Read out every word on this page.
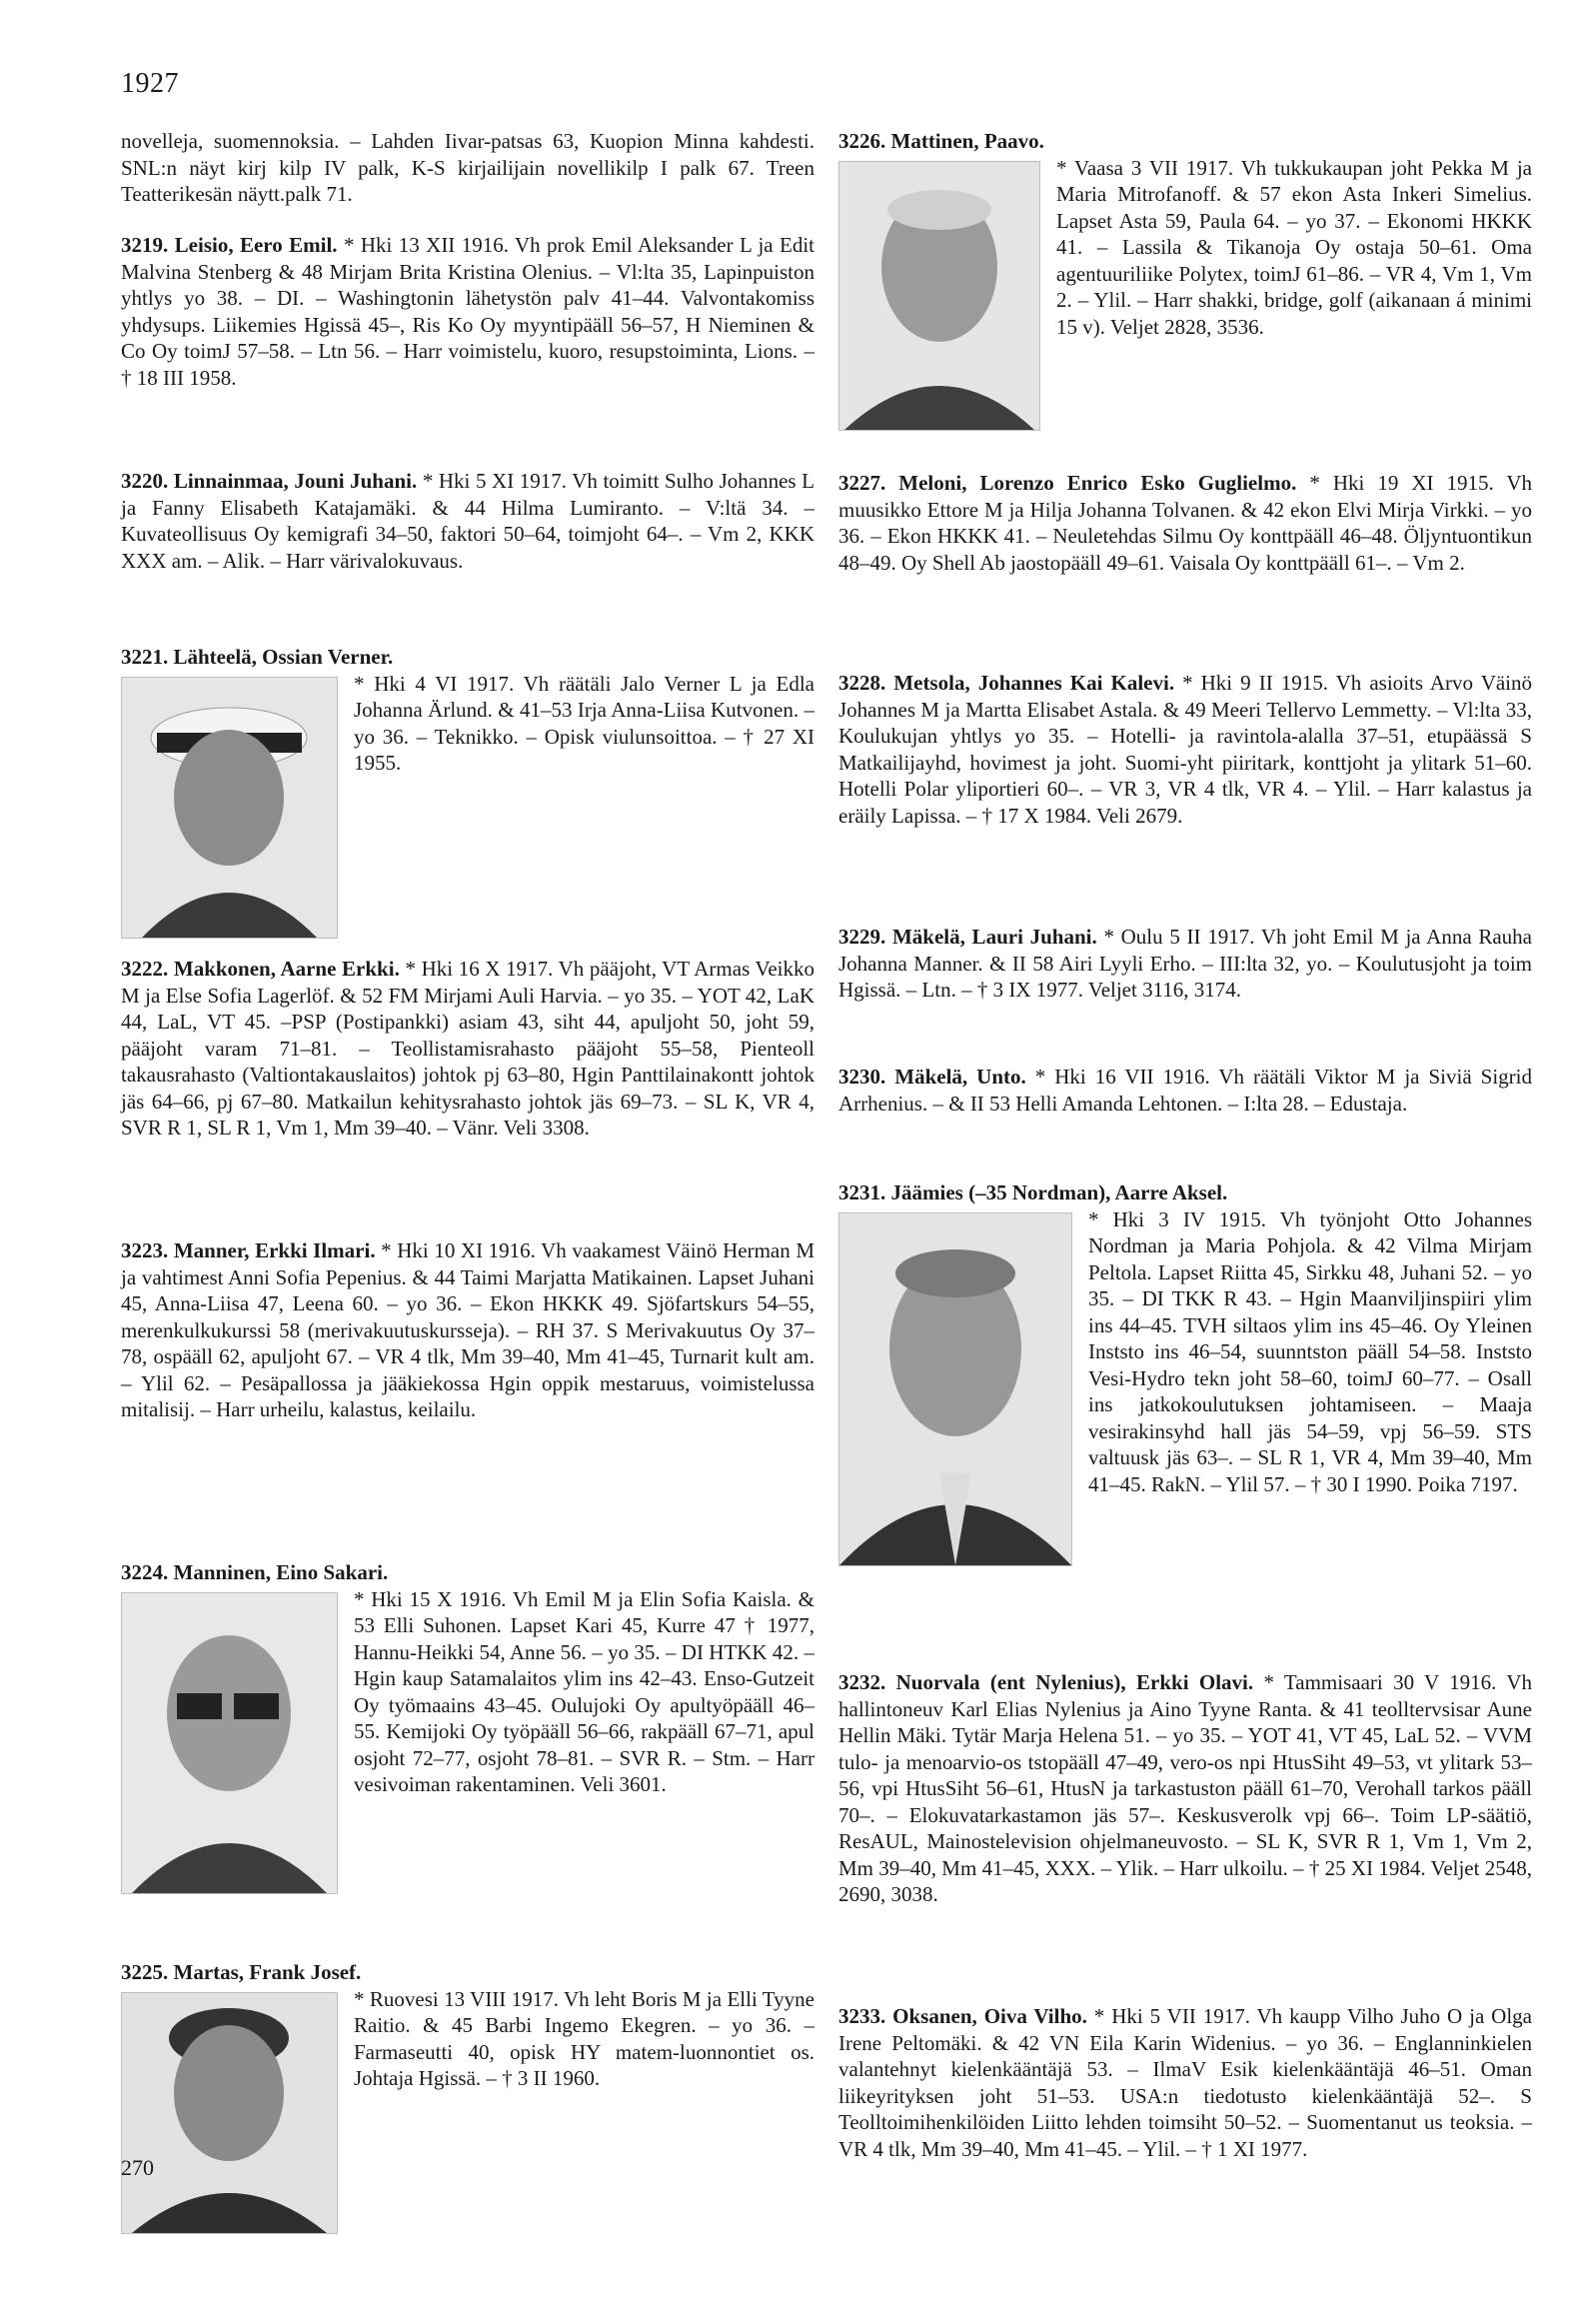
1927

novelleja, suomennoksia. – Lahden Iivar-patsas 63, Kuopion Minna kahdesti. SNL:n näyt kirj kilp IV palk, K-S kirjailijain novellikilp I palk 67. Treen Teatterikesän näytt.palk 71.

3219. Leisio, Eero Emil. * Hki 13 XII 1916. Vh prok Emil Aleksander L ja Edit Malvina Stenberg & 48 Mirjam Brita Kristina Olenius. – Vl:lta 35, Lapinpuiston yhtlys yo 38. – DI. – Washingtonin lähetystön palv 41–44. Valvontakomiss yhdysups. Liikemies Hgissä 45–, Ris Ko Oy myyntipääll 56–57, H Nieminen & Co Oy toimJ 57–58. – Ltn 56. – Harr voimistelu, kuoro, resupstoiminta, Lions. – † 18 III 1958.

3220. Linnainmaa, Jouni Juhani. * Hki 5 XI 1917. Vh toimitt Sulho Johannes L ja Fanny Elisabeth Katajamäki. & 44 Hilma Lumiranto. – V:ltä 34. – Kuvateollisuus Oy kemigrafi 34–50, faktori 50–64, toimjoht 64–. – Vm 2, KKK XXX am. – Alik. – Harr värivalokuvaus.

3221. Lähteelä, Ossian Verner.

* Hki 4 VI 1917. Vh räätäli Jalo Verner L ja Edla Johanna Ärlund. & 41–53 Irja Anna-Liisa Kutvonen. – yo 36. – Teknikko. – Opisk viulunsoittoa. – † 27 XI 1955.

3222. Makkonen, Aarne Erkki. * Hki 16 X 1917. Vh pääjoht, VT Armas Veikko M ja Else Sofia Lagerlöf. & 52 FM Mirjami Auli Harvia. – yo 35. – YOT 42, LaK 44, LaL, VT 45. –PSP (Postipankki) asiam 43, siht 44, apuljoht 50, joht 59, pääjoht varam 71–81. – Teollistamisrahasto pääjoht 55–58, Pienteoll takausrahasto (Valtiontakauslaitos) johtok pj 63–80, Hgin Panttilainakontt johtok jäs 64–66, pj 67–80. Matkailun kehitysrahasto johtok jäs 69–73. – SL K, VR 4, SVR R 1, SL R 1, Vm 1, Mm 39–40. – Vänr. Veli 3308.

3223. Manner, Erkki Ilmari. * Hki 10 XI 1916. Vh vaakamest Väinö Herman M ja vahtimest Anni Sofia Pepenius. & 44 Taimi Marjatta Matikainen. Lapset Juhani 45, Anna-Liisa 47, Leena 60. – yo 36. – Ekon HKKK 49. Sjöfartskurs 54–55, merenkulkukurssi 58 (merivakuutuskursseja). – RH 37. S Merivakuutus Oy 37–78, ospääll 62, apuljoht 67. – VR 4 tlk, Mm 39–40, Mm 41–45, Turnarit kult am. – Ylil 62. – Pesäpallossa ja jääkiekossa Hgin oppik mestaruus, voimistelussa mitalisij. – Harr urheilu, kalastus, keilailu.

3224. Manninen, Eino Sakari.

* Hki 15 X 1916. Vh Emil M ja Elin Sofia Kaisla. & 53 Elli Suhonen. Lapset Kari 45, Kurre 47 † 1977, Hannu-Heikki 54, Anne 56. – yo 35. – DI HTKK 42. – Hgin kaup Satamalaitos ylim ins 42–43. Enso-Gutzeit Oy työmaains 43–45. Oulujoki Oy apultyöpääll 46–55. Kemijoki Oy työpääll 56–66, rakpääll 67–71, apul osjoht 72–77, osjoht 78–81. – SVR R. – Stm. – Harr vesivoiman rakentaminen. Veli 3601.

3225. Martas, Frank Josef.

* Ruovesi 13 VIII 1917. Vh leht Boris M ja Elli Tyyne Raitio. & 45 Barbi Ingemo Ekegren. – yo 36. – Farmaseutti 40, opisk HY matem-luonnontiet os. Johtaja Hgissä. – † 3 II 1960.

3226. Mattinen, Paavo.

* Vaasa 3 VII 1917. Vh tukkukaupan joht Pekka M ja Maria Mitrofanoff. & 57 ekon Asta Inkeri Simelius. Lapset Asta 59, Paula 64. – yo 37. – Ekonomi HKKK 41. – Lassila & Tikanoja Oy ostaja 50–61. Oma agentuuriliike Polytex, toimJ 61–86. – VR 4, Vm 1, Vm 2. – Ylil. – Harr shakki, bridge, golf (aikanaan á minimi 15 v). Veljet 2828, 3536.

3227. Meloni, Lorenzo Enrico Esko Guglielmo. * Hki 19 XI 1915. Vh muusikko Ettore M ja Hilja Johanna Tolvanen. & 42 ekon Elvi Mirja Virkki. – yo 36. – Ekon HKKK 41. – Neuletehdas Silmu Oy konttpääll 46–48. Öljyntuontikun 48–49. Oy Shell Ab jaostopääll 49–61. Vaisala Oy konttpääll 61–. – Vm 2.

3228. Metsola, Johannes Kai Kalevi. * Hki 9 II 1915. Vh asioits Arvo Väinö Johannes M ja Martta Elisabet Astala. & 49 Meeri Tellervo Lemmetty. – Vl:lta 33, Koulukujan yhtlys yo 35. – Hotelli- ja ravintola-alalla 37–51, etupäässä S Matkailijayhd, hovimest ja joht. Suomi-yht piiritark, konttjoht ja ylitark 51–60. Hotelli Polar yliportieri 60–. – VR 3, VR 4 tlk, VR 4. – Ylil. – Harr kalastus ja eräily Lapissa. – † 17 X 1984. Veli 2679.

3229. Mäkelä, Lauri Juhani. * Oulu 5 II 1917. Vh joht Emil M ja Anna Rauha Johanna Manner. & II 58 Airi Lyyli Erho. – III:lta 32, yo. – Koulutusjoht ja toim Hgissä. – Ltn. – † 3 IX 1977. Veljet 3116, 3174.

3230. Mäkelä, Unto. * Hki 16 VII 1916. Vh räätäli Viktor M ja Siviä Sigrid Arrhenius. – & II 53 Helli Amanda Lehtonen. – I:lta 28. – Edustaja.

3231. Jäämies (–35 Nordman), Aarre Aksel.

* Hki 3 IV 1915. Vh työnjoht Otto Johannes Nordman ja Maria Pohjola. & 42 Vilma Mirjam Peltola. Lapset Riitta 45, Sirkku 48, Juhani 52. – yo 35. – DI TKK R 43. – Hgin Maanviljinspiiri ylim ins 44–45. TVH siltaos ylim ins 45–46. Oy Yleinen Inststo ins 46–54, suunntston pääll 54–58. Inststo Vesi-Hydro tekn joht 58–60, toimJ 60–77. – Osall ins jatkokoulutuksen johtamiseen. – Maaja vesirakinsyhd hall jäs 54–59, vpj 56–59. STS valtuusk jäs 63–. – SL R 1, VR 4, Mm 39–40, Mm 41–45. RakN. – Ylil 57. – † 30 I 1990. Poika 7197.

3232. Nuorvala (ent Nylenius), Erkki Olavi. * Tammisaari 30 V 1916. Vh hallintoneuv Karl Elias Nylenius ja Aino Tyyne Ranta. & 41 teolltervsisar Aune Hellin Mäki. Tytär Marja Helena 51. – yo 35. – YOT 41, VT 45, LaL 52. – VVM tulo- ja menoarvio-os tstopääll 47–49, vero-os npi HtusSiht 49–53, vt ylitark 53–56, vpi HtusSiht 56–61, HtusN ja tarkastuston pääll 61–70, Verohall tarkos pääll 70–. – Elokuvatarkastamon jäs 57–. Keskusverolk vpj 66–. Toim LP-säätiö, ResAUL, Mainostelevision ohjelmaneuvosto. – SL K, SVR R 1, Vm 1, Vm 2, Mm 39–40, Mm 41–45, XXX. – Ylik. – Harr ulkoilu. – † 25 XI 1984. Veljet 2548, 2690, 3038.

3233. Oksanen, Oiva Vilho. * Hki 5 VII 1917. Vh kaupp Vilho Juho O ja Olga Irene Peltomäki. & 42 VN Eila Karin Widenius. – yo 36. – Englanninkielen valantehnyt kielenkääntäjä 53. – IlmaV Esik kielenkääntäjä 46–51. Oman liikeyrityksen joht 51–53. USA:n tiedotusto kielenkääntäjä 52–. S Teolltoimihenkilöiden Liitto lehden toimsiht 50–52. – Suomentanut us teoksia. – VR 4 tlk, Mm 39–40, Mm 41–45. – Ylil. – † 1 XI 1977.

270
